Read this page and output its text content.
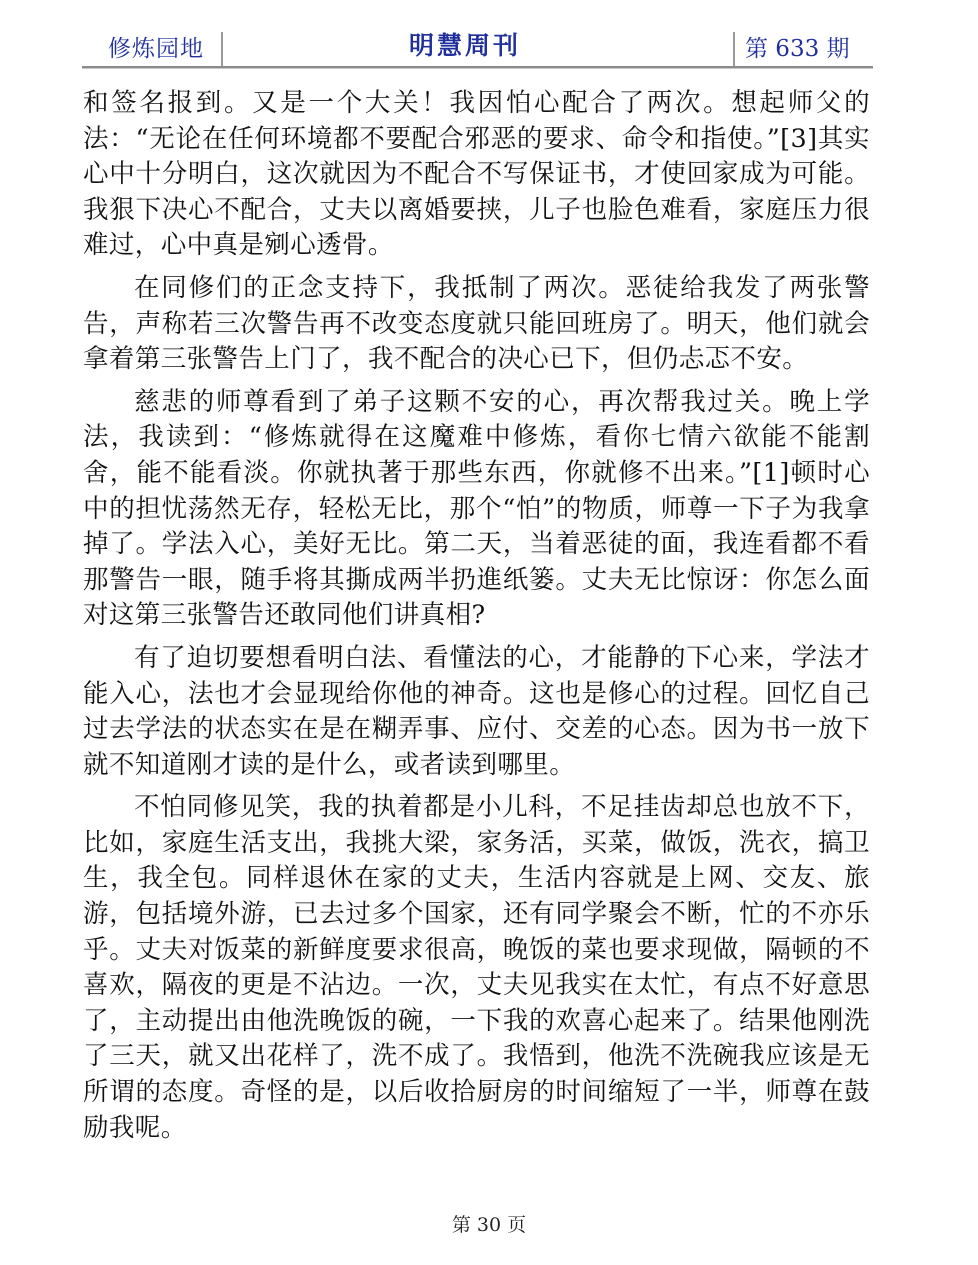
修炼园地	明慧周刊	第 633 期

和签名报到。又是一个大关！我因怕心配合了两次。想起师父的法：“无论在任何环境都不要配合邪恶的要求、命令和指使。”[3]其实心中十分明白，这次就因为不配合不写保证书，才使回家成为可能。我狠下决心不配合，丈夫以离婚要挟，儿子也脸色难看，家庭压力很难过，心中真是剜心透骨。

在同修们的正念支持下，我抵制了两次。恶徒给我发了两张警告，声称若三次警告再不改变态度就只能回班房了。明天，他们就会拿着第三张警告上门了，我不配合的决心已下，但仍忐忑不安。

慈悲的师尊看到了弟子这颗不安的心，再次帮我过关。晚上学法，我读到：“修炼就得在这魔难中修炼，看你七情六欲能不能割舍，能不能看淡。你就执著于那些东西，你就修不出来。”[1]顿时心中的担忧荡然无存，轻松无比，那个“怕”的物质，师尊一下子为我拿掉了。学法入心，美好无比。第二天，当着恶徒的面，我连看都不看那警告一眼，随手将其撕成两半扔進纸篓。丈夫无比惊讶：你怎么面对这第三张警告还敢同他们讲真相?

有了迫切要想看明白法、看懂法的心，才能静的下心来，学法才能入心，法也才会显现给你他的神奇。这也是修心的过程。回忆自己过去学法的状态实在是在糊弄事、应付、交差的心态。因为书一放下就不知道刚才读的是什么，或者读到哪里。

不怕同修见笑，我的执着都是小儿科，不足挂齿却总也放不下，比如，家庭生活支出，我挑大梁，家务活，买菜，做饭，洗衣，搞卫生，我全包。同样退休在家的丈夫，生活内容就是上网、交友、旅游，包括境外游，已去过多个国家，还有同学聚会不断，忙的不亦乐乎。丈夫对饭菜的新鲜度要求很高，晚饭的菜也要求现做，隔顿的不喜欢，隔夜的更是不沾边。一次，丈夫见我实在太忙，有点不好意思了，主动提出由他洗晚饭的碗，一下我的欢喜心起来了。结果他刚洗了三天，就又出花样了，洗不成了。我悟到，他洗不洗碗我应该是无所谓的态度。奇怪的是，以后收拾厨房的时间缩短了一半，师尊在鼓励我呢。

第 30 页
